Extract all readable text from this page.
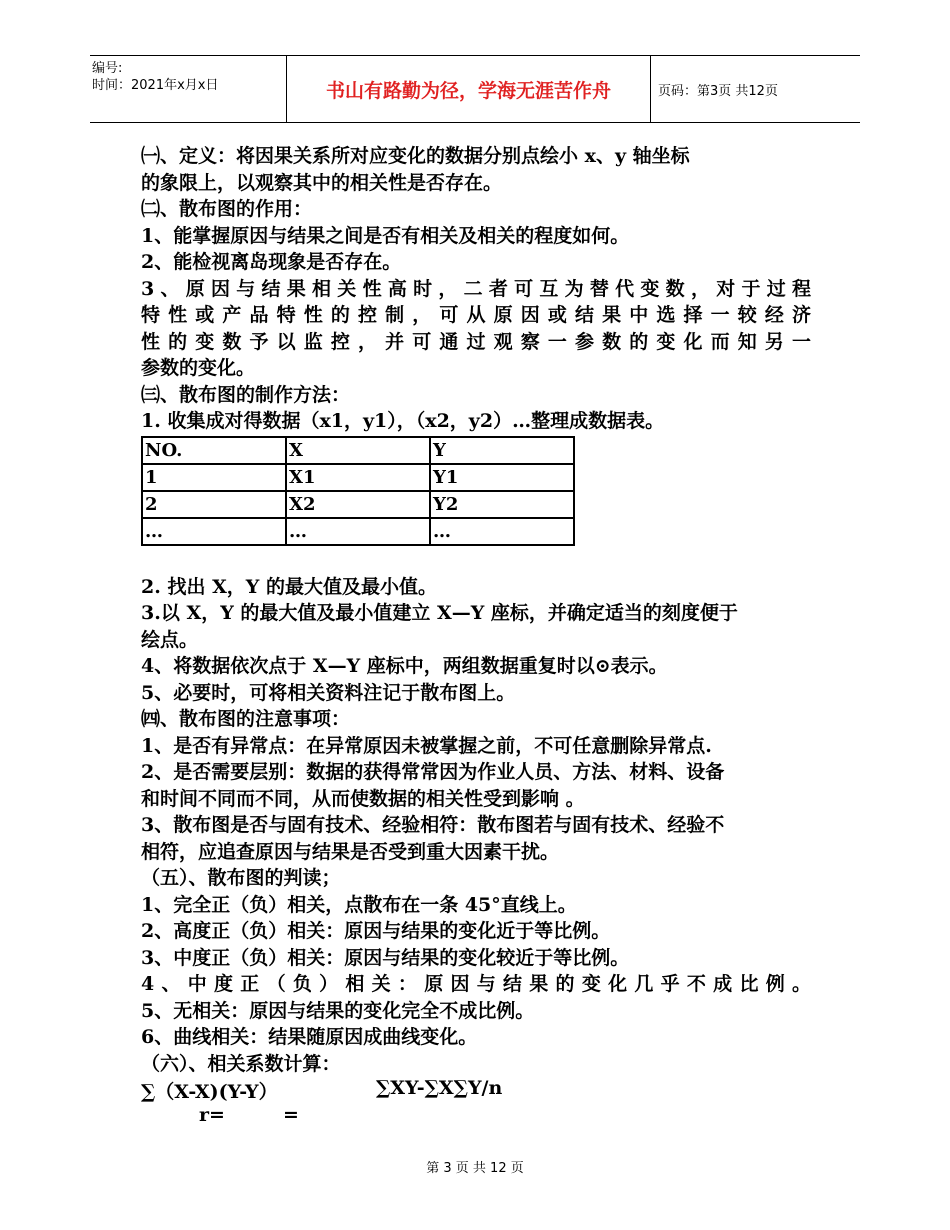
编号:
时间：2021年x月x日	书山有路勤为径，学海无涯苦作舟	页码：第3页 共12页
㈠、定义：将因果关系所对应变化的数据分别点绘小 x、y 轴坐标
的象限上，以观察其中的相关性是否存在。
㈡、散布图的作用：
1、能掌握原因与结果之间是否有相关及相关的程度如何。
2、能检视离岛现象是否存在。
3、原因与结果相关性高时，二者可互为替代变数，对于过程
特性或产品特性的控制，可从原因或结果中选择一较经济
性的变数予以监控，并可通过观察一参数的变化而知另一
参数的变化。
㈢、散布图的制作方法：
1. 收集成对得数据（x1，y1），（x2，y2）…整理成数据表。
NO.	X	Y
1	X1	Y1
2	X2	Y2
…	…	…
2. 找出 X，Y 的最大值及最小值。
3.以 X，Y 的最大值及最小值建立 X—Y 座标，并确定适当的刻度便于
绘点。
4、将数据依次点于 X—Y 座标中，两组数据重复时以⊙表示。
5、必要时，可将相关资料注记于散布图上。
㈣、散布图的注意事项：
1、是否有异常点：在异常原因未被掌握之前，不可任意删除异常点.
2、是否需要层别：数据的获得常常因为作业人员、方法、材料、设备
和时间不同而不同，从而使数据的相关性受到影响 。
3、散布图是否与固有技术、经验相符：散布图若与固有技术、经验不
相符，应追查原因与结果是否受到重大因素干扰。
（五）、散布图的判读；
1、完全正（负）相关，点散布在一条 45°直线上。
2、高度正（负）相关：原因与结果的变化近于等比例。
3、中度正（负）相关：原因与结果的变化较近于等比例。
4、中度正（负）相关：原因与结果的变化几乎不成比例。
5、无相关：原因与结果的变化完全不成比例。
6、曲线相关：结果随原因成曲线变化。
（六）、相关系数计算：
∑（X-X)(Y-Y）	∑XY-∑X∑Y/n
r=	=
第 3 页 共 12 页
